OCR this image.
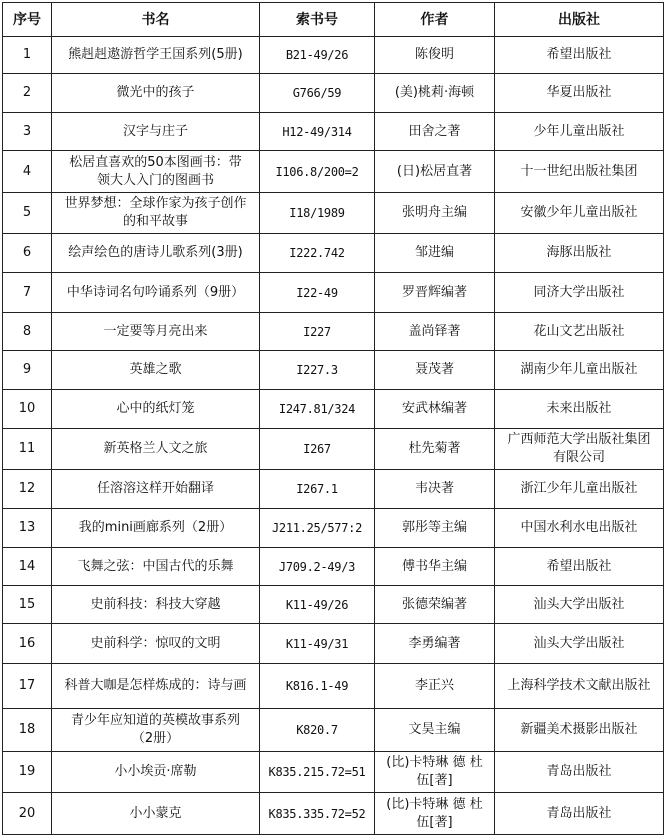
序号	书名	索书号	作者	出版社
1	熊赳赳遨游哲学王国系列(5册)	B21-49/26	陈俊明	希望出版社
2	微光中的孩子	G766/59	(美)桃莉·海顿	华夏出版社
3	汉字与庄子	H12-49/314	田舍之著	少年儿童出版社
4	松居直喜欢的50本图画书：带
领大人入门的图画书	I106.8/200=2	(日)松居直著	十一世纪出版社集团
5	世界梦想：全球作家为孩子创作
的和平故事	I18/1989	张明舟主编	安徽少年儿童出版社
6	绘声绘色的唐诗儿歌系列(3册)	I222.742	邹进编	海豚出版社
7	中华诗词名句吟诵系列（9册）	I22-49	罗晋辉编著	同济大学出版社
8	一定要等月亮出来	I227	盖尚铎著	花山文艺出版社
9	英雄之歌	I227.3	聂茂著	湖南少年儿童出版社
10	心中的纸灯笼	I247.81/324	安武林编著	未来出版社
11	新英格兰人文之旅	I267	杜先菊著	广西师范大学出版社集团
有限公司
12	任溶溶这样开始翻译	I267.1	韦决著	浙江少年儿童出版社
13	我的mini画廊系列（2册）	J211.25/577:2	郭彤等主编	中国水利水电出版社
14	飞舞之弦：中国古代的乐舞	J709.2-49/3	傅书华主编	希望出版社
15	史前科技：科技大穿越	K11-49/26	张德荣编著	汕头大学出版社
16	史前科学：惊叹的文明	K11-49/31	李勇编著	汕头大学出版社
17	科普大咖是怎样炼成的：诗与画	K816.1-49	李正兴	上海科学技术文献出版社
18	青少年应知道的英模故事系列
（2册）	K820.7	文昊主编	新疆美术摄影出版社
19	小小埃贡·席勒	K835.215.72=51	(比)卡特琳 德 杜
伍[著]	青岛出版社
20	小小蒙克	K835.335.72=52	(比)卡特琳 德 杜
伍[著]	青岛出版社
